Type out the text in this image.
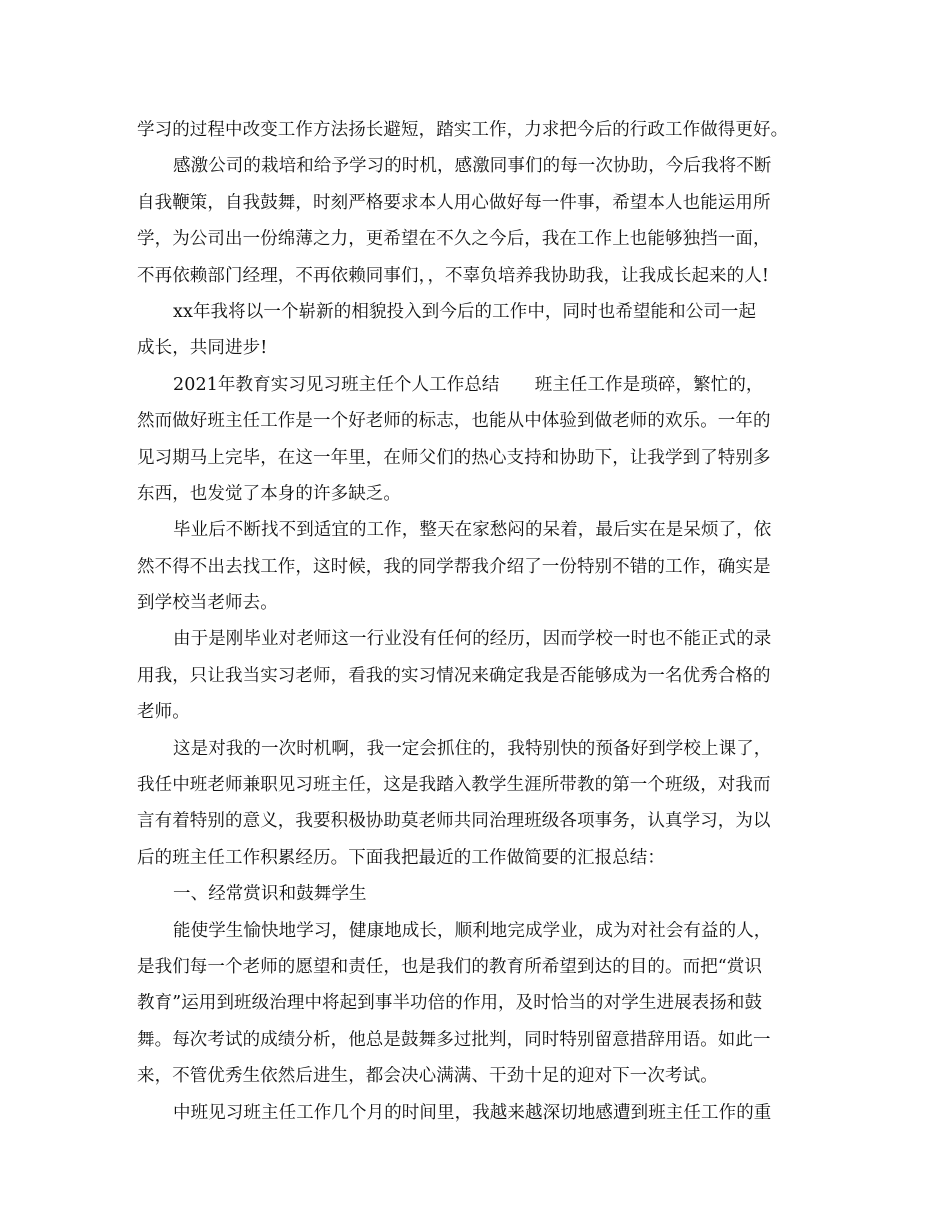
学习的过程中改变工作方法扬长避短，踏实工作，力求把今后的行政工作做得更好。
感激公司的栽培和给予学习的时机，感激同事们的每一次协助，今后我将不断
自我鞭策，自我鼓舞，时刻严格要求本人用心做好每一件事，希望本人也能运用所
学，为公司出一份绵薄之力，更希望在不久之今后，我在工作上也能够独挡一面，
不再依赖部门经理，不再依赖同事们，，不辜负培养我协助我，让我成长起来的人!
xx年我将以一个崭新的相貌投入到今后的工作中，同时也希望能和公司一起
成长，共同进步!
2021年教育实习见习班主任个人工作总结　　班主任工作是琐碎，繁忙的，
然而做好班主任工作是一个好老师的标志，也能从中体验到做老师的欢乐。一年的
见习期马上完毕，在这一年里，在师父们的热心支持和协助下，让我学到了特别多
东西，也发觉了本身的许多缺乏。
毕业后不断找不到适宜的工作，整天在家愁闷的呆着，最后实在是呆烦了，依
然不得不出去找工作，这时候，我的同学帮我介绍了一份特别不错的工作，确实是
到学校当老师去。
由于是刚毕业对老师这一行业没有任何的经历，因而学校一时也不能正式的录
用我，只让我当实习老师，看我的实习情况来确定我是否能够成为一名优秀合格的
老师。
这是对我的一次时机啊，我一定会抓住的，我特别快的预备好到学校上课了，
我任中班老师兼职见习班主任，这是我踏入教学生涯所带教的第一个班级，对我而
言有着特别的意义，我要积极协助莫老师共同治理班级各项事务，认真学习，为以
后的班主任工作积累经历。下面我把最近的工作做简要的汇报总结：
一、经常赏识和鼓舞学生
能使学生愉快地学习，健康地成长，顺利地完成学业，成为对社会有益的人，
是我们每一个老师的愿望和责任，也是我们的教育所希望到达的目的。而把“赏识
教育”运用到班级治理中将起到事半功倍的作用，及时恰当的对学生进展表扬和鼓
舞。每次考试的成绩分析，他总是鼓舞多过批判，同时特别留意措辞用语。如此一
来，不管优秀生依然后进生，都会决心满满、干劲十足的迎对下一次考试。
中班见习班主任工作几个月的时间里，我越来越深切地感遭到班主任工作的重
